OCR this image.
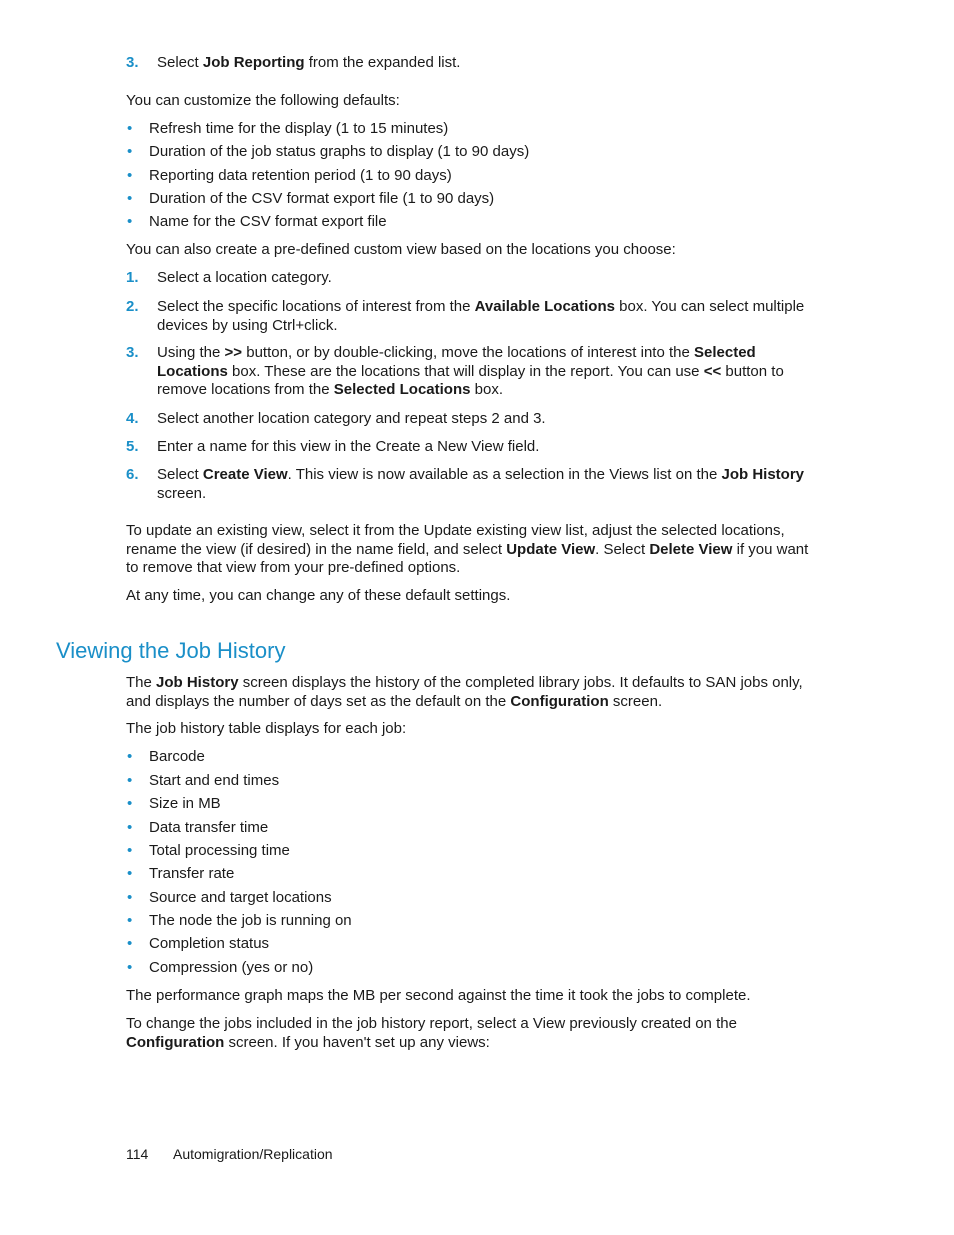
3. Select Job Reporting from the expanded list.
You can customize the following defaults:
• Refresh time for the display (1 to 15 minutes)
• Duration of the job status graphs to display (1 to 90 days)
• Reporting data retention period (1 to 90 days)
• Duration of the CSV format export file (1 to 90 days)
• Name for the CSV format export file
You can also create a pre-defined custom view based on the locations you choose:
1. Select a location category.
2. Select the specific locations of interest from the Available Locations box. You can select multiple devices by using Ctrl+click.
3. Using the >> button, or by double-clicking, move the locations of interest into the Selected Locations box. These are the locations that will display in the report. You can use << button to remove locations from the Selected Locations box.
4. Select another location category and repeat steps 2 and 3.
5. Enter a name for this view in the Create a New View field.
6. Select Create View. This view is now available as a selection in the Views list on the Job History screen.
To update an existing view, select it from the Update existing view list, adjust the selected locations, rename the view (if desired) in the name field, and select Update View. Select Delete View if you want to remove that view from your pre-defined options.
At any time, you can change any of these default settings.
Viewing the Job History
The Job History screen displays the history of the completed library jobs. It defaults to SAN jobs only, and displays the number of days set as the default on the Configuration screen.
The job history table displays for each job:
• Barcode
• Start and end times
• Size in MB
• Data transfer time
• Total processing time
• Transfer rate
• Source and target locations
• The node the job is running on
• Completion status
• Compression (yes or no)
The performance graph maps the MB per second against the time it took the jobs to complete.
To change the jobs included in the job history report, select a View previously created on the Configuration screen. If you haven't set up any views:
114 Automigration/Replication
